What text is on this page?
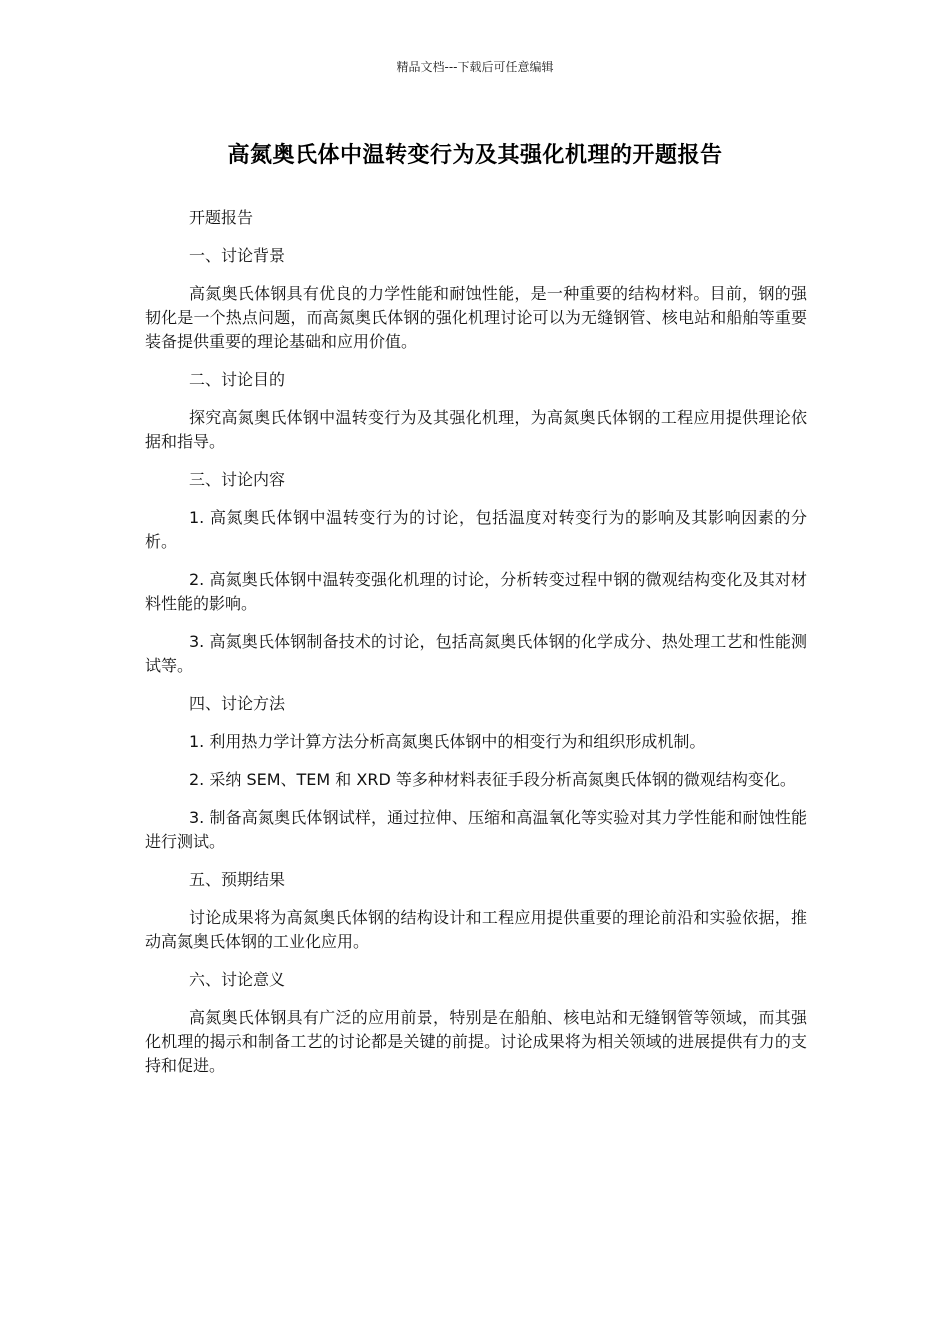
精品文档---下载后可任意编辑
高氮奥氏体中温转变行为及其强化机理的开题报告

开题报告

一、讨论背景

高氮奥氏体钢具有优良的力学性能和耐蚀性能，是一种重要的结构材料。目前，钢的强韧化是一个热点问题，而高氮奥氏体钢的强化机理讨论可以为无缝钢管、核电站和船舶等重要装备提供重要的理论基础和应用价值。

二、讨论目的

探究高氮奥氏体钢中温转变行为及其强化机理，为高氮奥氏体钢的工程应用提供理论依据和指导。

三、讨论内容

1. 高氮奥氏体钢中温转变行为的讨论，包括温度对转变行为的影响及其影响因素的分析。

2. 高氮奥氏体钢中温转变强化机理的讨论，分析转变过程中钢的微观结构变化及其对材料性能的影响。

3. 高氮奥氏体钢制备技术的讨论，包括高氮奥氏体钢的化学成分、热处理工艺和性能测试等。

四、讨论方法

1. 利用热力学计算方法分析高氮奥氏体钢中的相变行为和组织形成机制。

2. 采纳 SEM、TEM 和 XRD 等多种材料表征手段分析高氮奥氏体钢的微观结构变化。

3. 制备高氮奥氏体钢试样，通过拉伸、压缩和高温氧化等实验对其力学性能和耐蚀性能进行测试。

五、预期结果

讨论成果将为高氮奥氏体钢的结构设计和工程应用提供重要的理论前沿和实验依据，推动高氮奥氏体钢的工业化应用。

六、讨论意义

高氮奥氏体钢具有广泛的应用前景，特别是在船舶、核电站和无缝钢管等领域，而其强化机理的揭示和制备工艺的讨论都是关键的前提。讨论成果将为相关领域的进展提供有力的支持和促进。
